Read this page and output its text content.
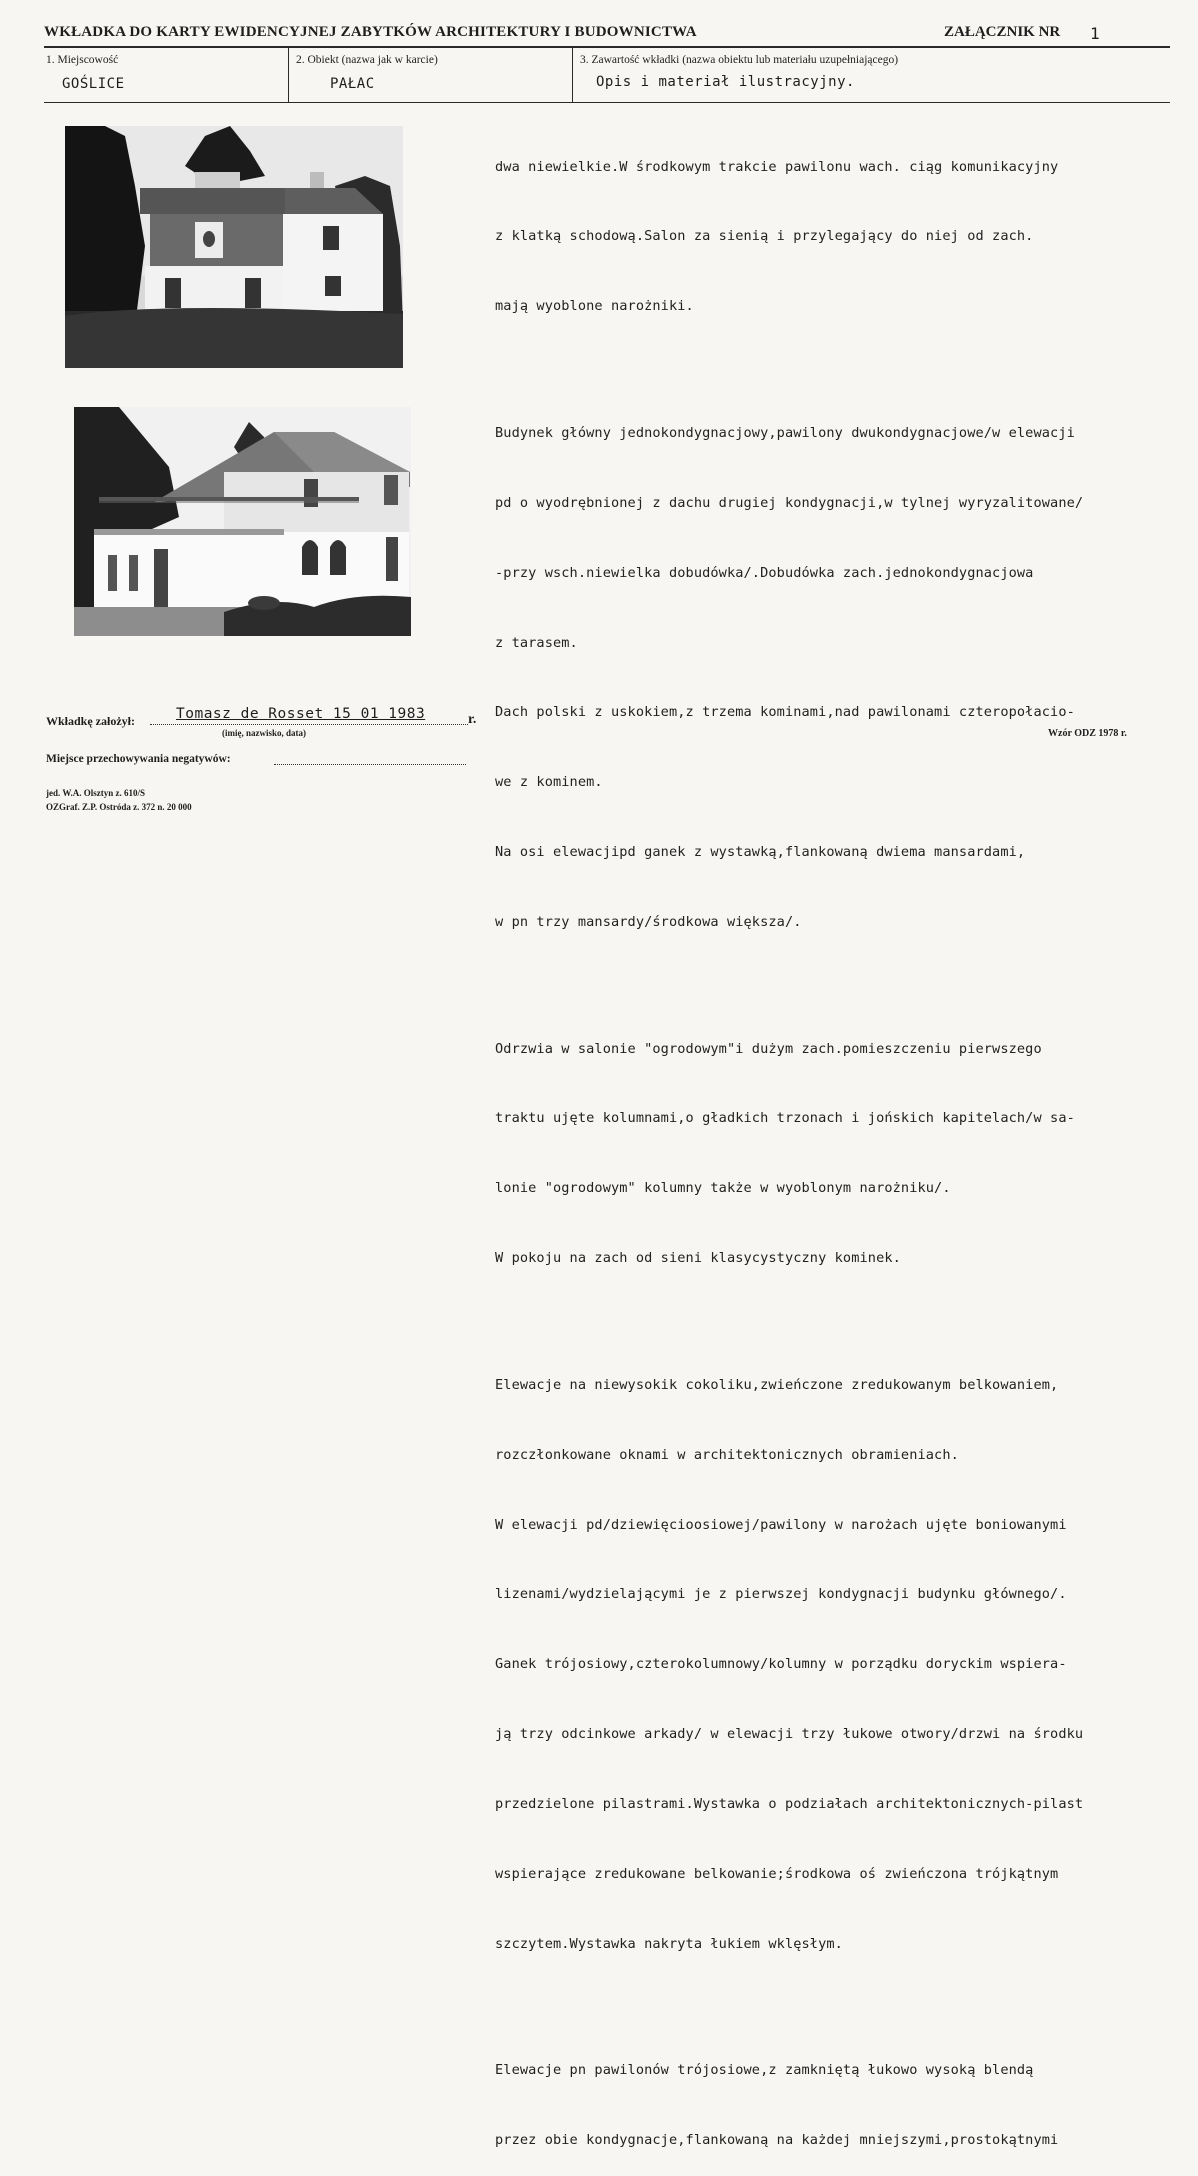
WKŁADKA DO KARTY EWIDENCYJNEJ ZABYTKÓW ARCHITEKTURY I BUDOWNICTWA	ZAŁĄCZNIK NR 1
1. Miejscowość
GOŚLICE
2. Obiekt (nazwa jak w karcie)
PAŁAC
3. Zawartość wkładki (nazwa obiektu lub materiału uzupełniającego)
Opis i materiał ilustracyjny.

dwa niewielkie.W środkowym trakcie pawilonu wach. ciąg komunikacyjny

z klatką schodową.Salon za sienią i przylegający do niej od zach.

mają wyoblone narożniki.

Budynek główny jednokondygnacjowy,pawilony dwukondygnacjowe/w elewacji

pd o wyodrębnionej z dachu drugiej kondygnacji,w tylnej wyryzalitowane/

-przy wsch.niewielka dobudówka/.Dobudówka zach.jednokondygnacjowa

z tarasem.

Dach polski z uskokiem,z trzema kominami,nad pawilonami czteropołacio-

we z kominem.

Na osi elewacjipd ganek z wystawką,flankowaną dwiema mansardami,

w pn trzy mansardy/środkowa większa/.

Odrzwia w salonie "ogrodowym"i dużym zach.pomieszczeniu pierwszego

traktu ujęte kolumnami,o gładkich trzonach i jońskich kapitelach/w sa-

lonie "ogrodowym" kolumny także w wyoblonym narożniku/.

W pokoju na zach od sieni klasycystyczny kominek.

Elewacje na niewysokik cokoliku,zwieńczone zredukowanym belkowaniem,

rozczłonkowane oknami w architektonicznych obramieniach.

W elewacji pd/dziewięcioosiowej/pawilony w narożach ujęte boniowanymi

lizenami/wydzielającymi je z pierwszej kondygnacji budynku głównego/.

Ganek trójosiowy,czterokolumnowy/kolumny w porządku doryckim wspiera-

ją trzy odcinkowe arkady/ w elewacji trzy łukowe otwory/drzwi na środku

przedzielone pilastrami.Wystawka o podziałach architektonicznych-pilast

wspierające zredukowane belkowanie;środkowa oś zwieńczona trójkątnym

szczytem.Wystawka nakryta łukiem wklęsłym.

Elewacje pn pawilonów trójosiowe,z zamkniętą łukowo wysoką blendą

przez obie kondygnacje,flankowaną na każdej mniejszymi,prostokątnymi

Wzór ODZ 1978 r.
Wkładkę założył:	Tomasz de Rosset 15 01 1983	r.
(imię, nazwisko, data)
Miejsce przechowywania negatywów:
jed. W.A. Olsztyn z. 610/S
OZGraf. Z.P. Ostróda z. 372 n. 20 000
